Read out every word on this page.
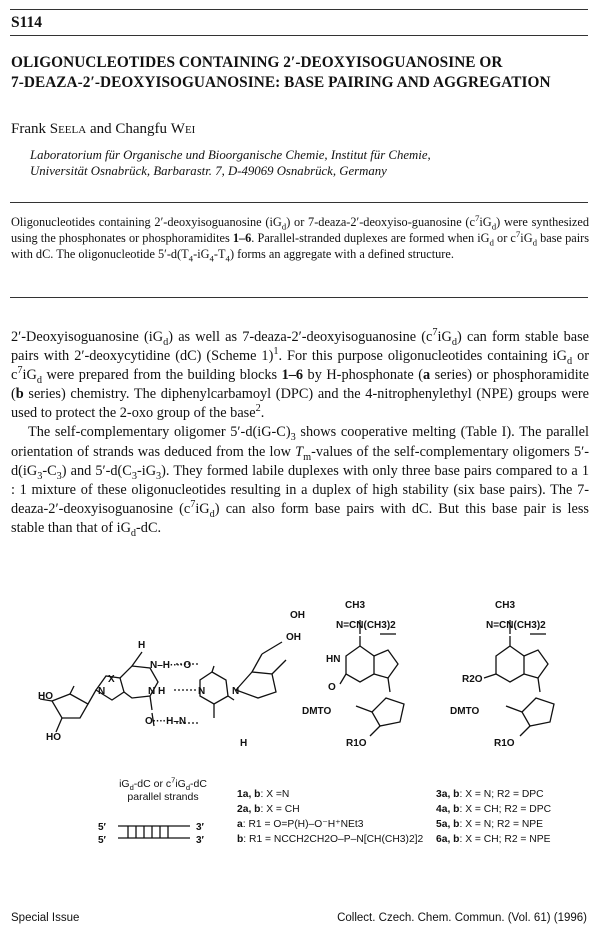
S114
OLIGONUCLEOTIDES CONTAINING 2′-DEOXYISOGUANOSINE OR
7-DEAZA-2′-DEOXYISOGUANOSINE: BASE PAIRING AND AGGREGATION
Frank Seela and Changfu Wei
Laboratorium für Organische und Bioorganische Chemie, Institut für Chemie,
Universität Osnabrück, Barbarastr. 7, D-49069 Osnabrück, Germany
Oligonucleotides containing 2′-deoxyisoguanosine $(iG_d)$ or 7-deaza-2′-deoxyiso-guanosine $(c^7iG_d)$ were synthesized using the phosphonates or phosphoramidites 1–6. Parallel-stranded duplexes are formed when $iG_d$ or $c^7iG_d$ base pairs with dC. The oligonucleotide $5'-d(T_4-iG_4-T_4)$ forms an aggregate with a defined structure.

2′-Deoxyisoguanosine $(iG_d)$ as well as 7-deaza-2′-deoxyisoguanosine $(c^7iG_d)$ can form stable base pairs with 2′-deoxycytidine (dC) (Scheme 1)$^1$. For this purpose oligonucleotides containing $iG_d$ or $c^7iG_d$ were prepared from the building blocks 1–6 by H-phosphonate (a series) or phosphoramidite (b series) chemistry. The diphenylcarbamoyl (DPC) and the 4-nitrophenylethyl (NPE) groups were used to protect the 2-oxo group of the base$^2$.

The self-complementary oligomer $5'-d(iG-C)_3$ shows cooperative melting (Table I). The parallel orientation of strands was deduced from the low $T_m$-values of the self-complementary oligomers $5'-d(iG_3-C_3)$ and $5'-d(C_3-iG_3)$. They formed labile duplexes with only three base pairs compared to a 1 : 1 mixture of these oligonucleotides resulting in a duplex of high stability (six base pairs). The 7-deaza-2′-deoxyisoguanosine $(c^7iG_d)$ can also form base pairs with dC. But this base pair is less stable than that of $iG_d-dC$.

HO
HO
X
N
H
N–H····O
N
O····H–N
H	N	N
H
OH
OH
CH3
N=CN(CH3)2
HN
O
DMTO
R1O
CH3
N=CN(CH3)2
R2O
DMTO
R1O
5′	3′
5′	3′
$iG_d-dC$ or $c^7iG_d-dC$
parallel strands	1a, b: X =N
2a, b: X = CH
a: R1 = O=P(H)–O⁻H⁺NEt3
b: R1 = NCCH2CH2O–P–N[CH(CH3)2]2
3a, b: X = N; R2 = DPC
4a, b: X = CH; R2 = DPC
5a, b: X = N; R2 = NPE
6a, b: X = CH; R2 = NPE
Special Issue	Collect. Czech. Chem. Commun. (Vol. 61) (1996)
